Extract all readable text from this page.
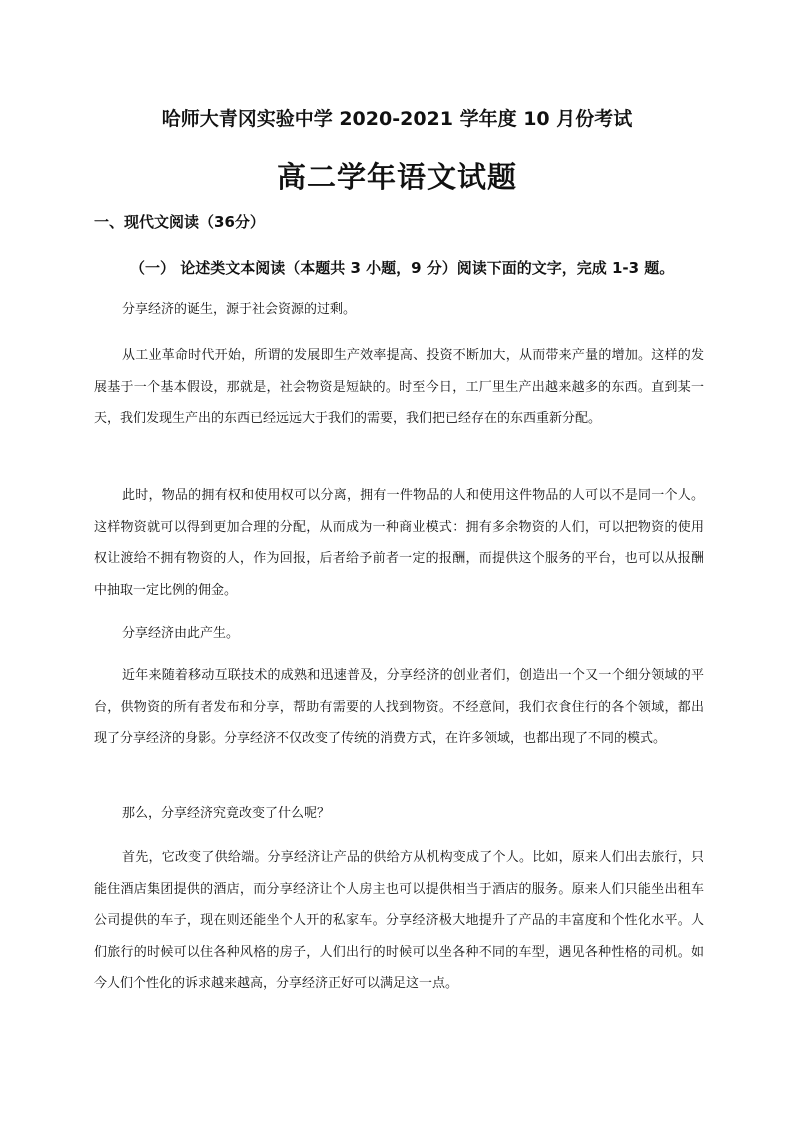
哈师大青冈实验中学 2020-2021 学年度 10 月份考试
高二学年语文试题
一、现代文阅读（36分）
（一） 论述类文本阅读（本题共 3 小题，9 分）阅读下面的文字，完成 1-3 题。
分享经济的诞生，源于社会资源的过剩。
从工业革命时代开始，所谓的发展即生产效率提高、投资不断加大，从而带来产量的增加。这样的发展基于一个基本假设，那就是，社会物资是短缺的。时至今日，工厂里生产出越来越多的东西。直到某一天，我们发现生产出的东西已经远远大于我们的需要，我们把已经存在的东西重新分配。
此时，物品的拥有权和使用权可以分离，拥有一件物品的人和使用这件物品的人可以不是同一个人。这样物资就可以得到更加合理的分配，从而成为一种商业模式：拥有多余物资的人们，可以把物资的使用权让渡给不拥有物资的人，作为回报，后者给予前者一定的报酬，而提供这个服务的平台，也可以从报酬中抽取一定比例的佣金。
分享经济由此产生。
近年来随着移动互联技术的成熟和迅速普及，分享经济的创业者们，创造出一个又一个细分领域的平台，供物资的所有者发布和分享，帮助有需要的人找到物资。不经意间，我们衣食住行的各个领域，都出现了分享经济的身影。分享经济不仅改变了传统的消费方式，在许多领域，也都出现了不同的模式。
那么，分享经济究竟改变了什么呢？
首先，它改变了供给端。分享经济让产品的供给方从机构变成了个人。比如，原来人们出去旅行，只能住酒店集团提供的酒店，而分享经济让个人房主也可以提供相当于酒店的服务。原来人们只能坐出租车公司提供的车子，现在则还能坐个人开的私家车。分享经济极大地提升了产品的丰富度和个性化水平。人们旅行的时候可以住各种风格的房子，人们出行的时候可以坐各种不同的车型，遇见各种性格的司机。如今人们个性化的诉求越来越高，分享经济正好可以满足这一点。
